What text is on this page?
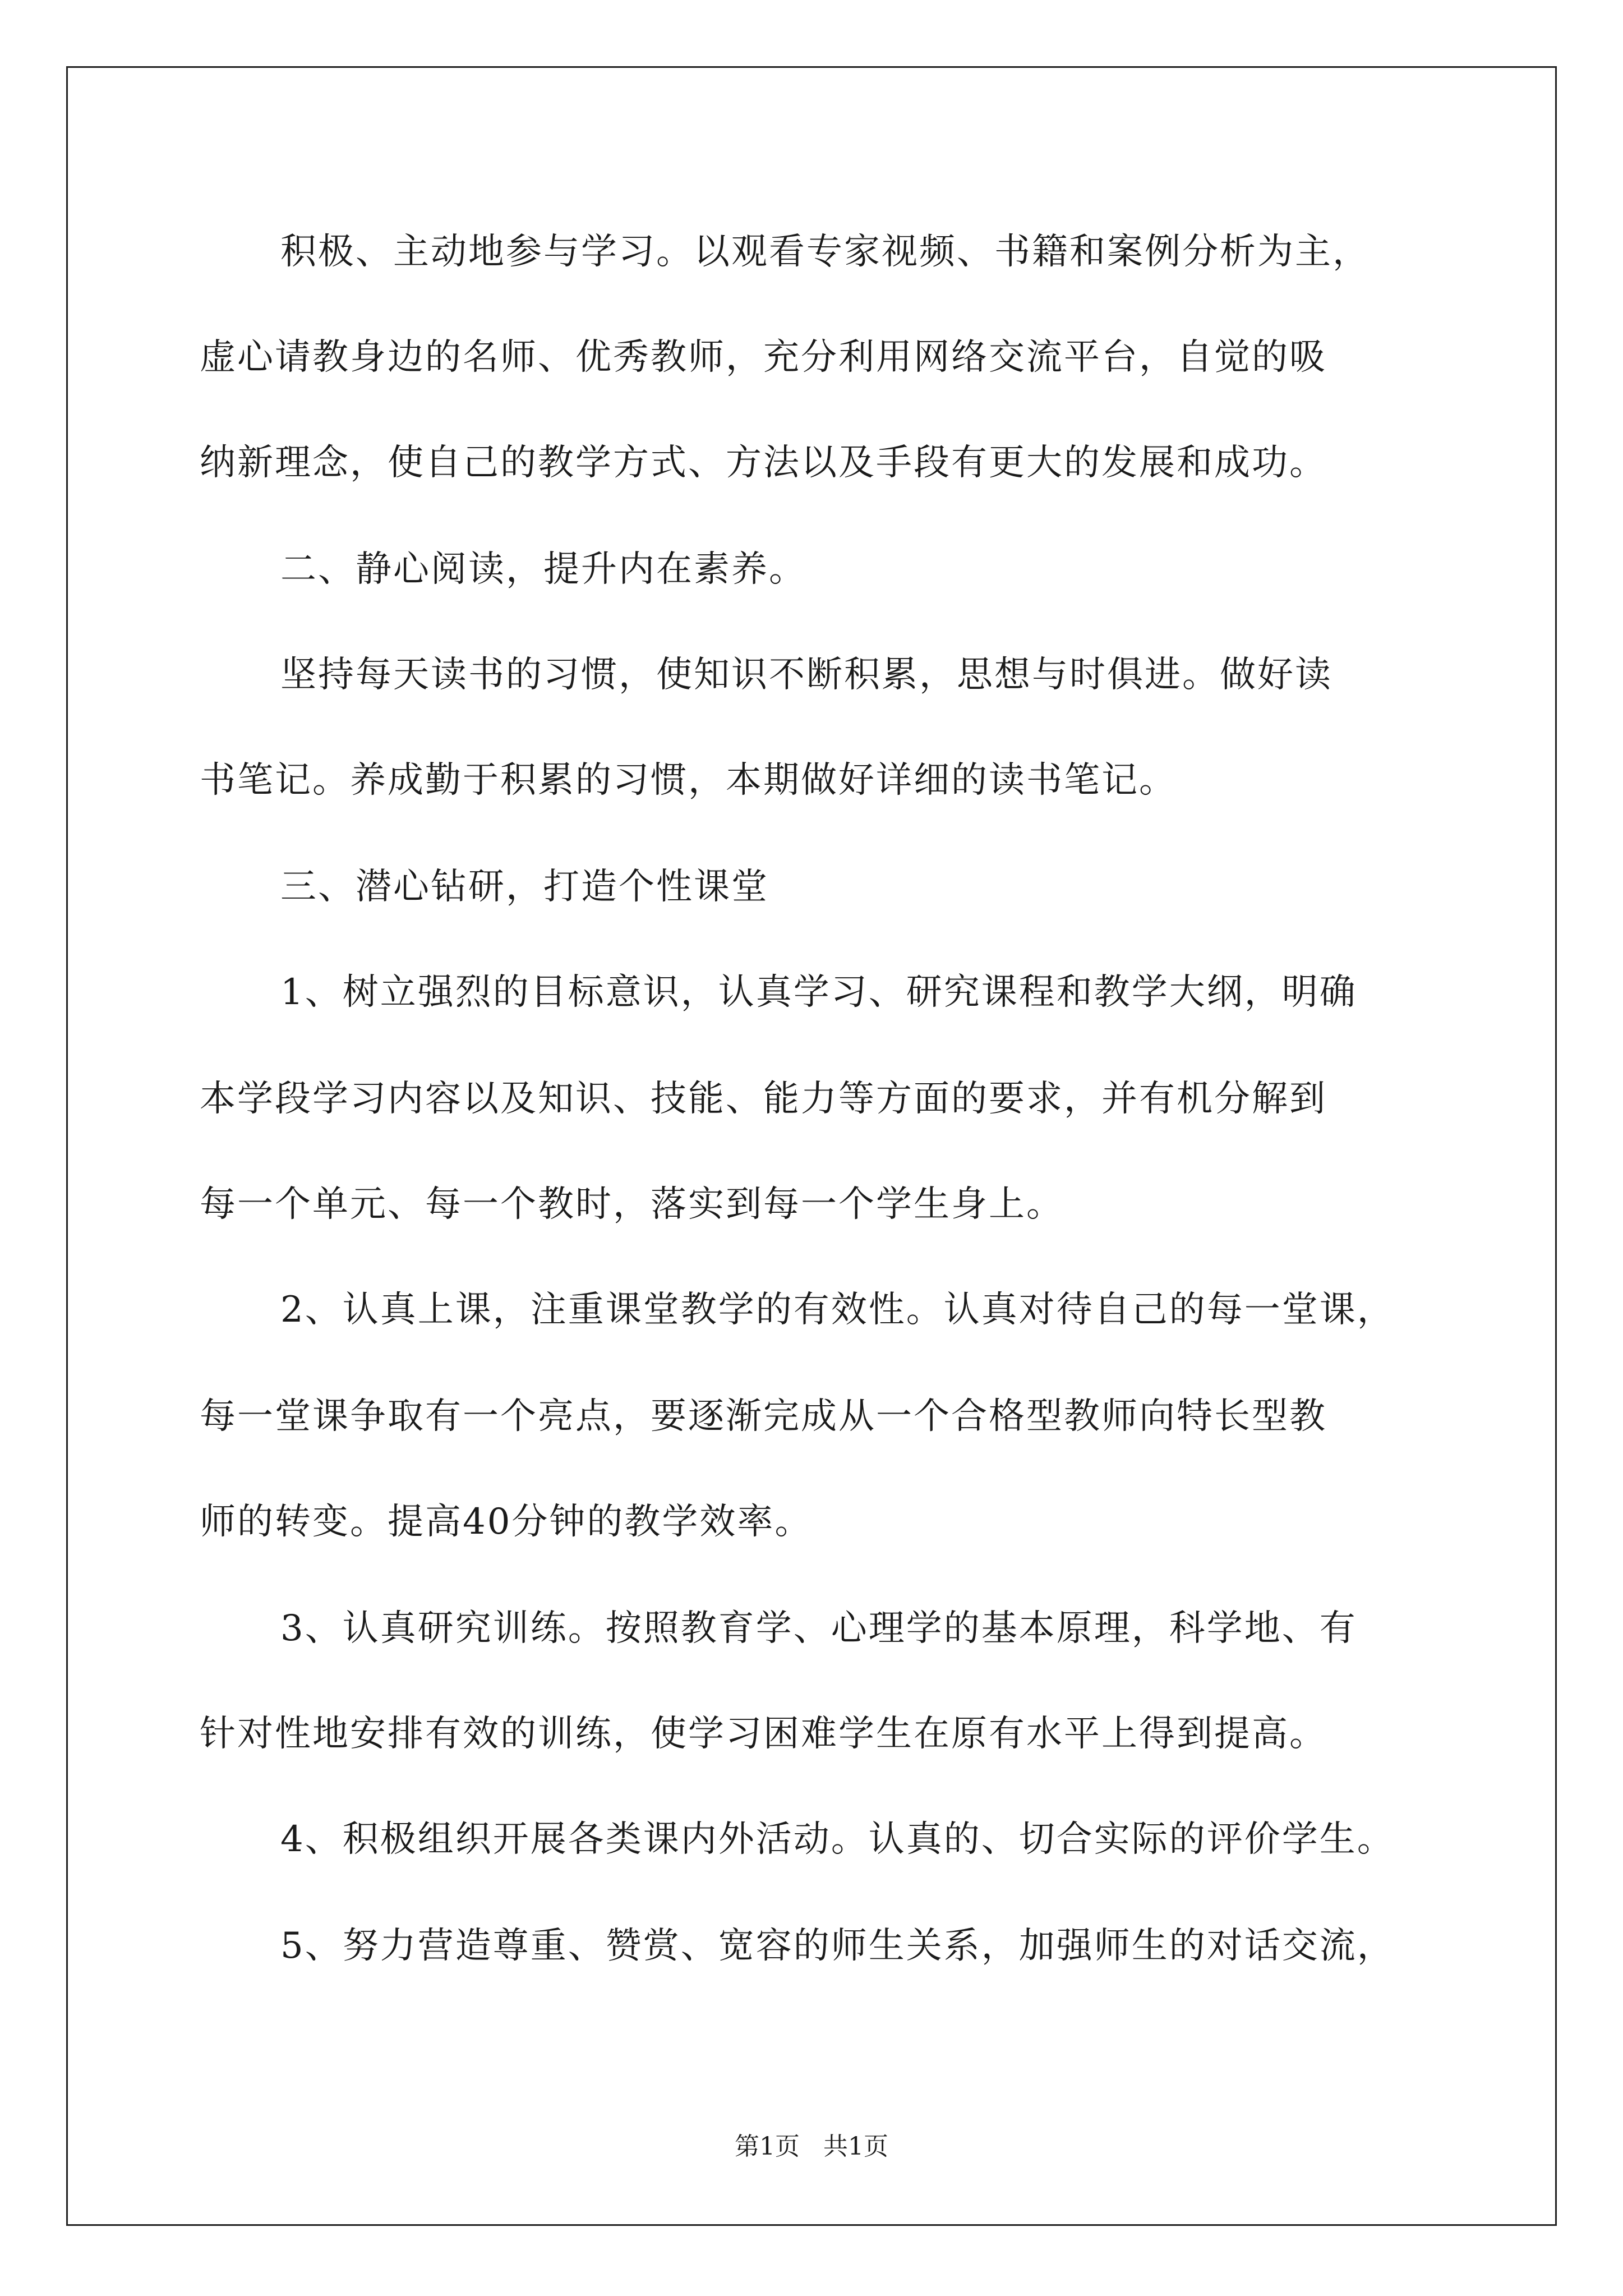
积极、主动地参与学习。以观看专家视频、书籍和案例分析为主，

虚心请教身边的名师、优秀教师，充分利用网络交流平台，自觉的吸

纳新理念，使自己的教学方式、方法以及手段有更大的发展和成功。

二、静心阅读，提升内在素养。

坚持每天读书的习惯，使知识不断积累，思想与时俱进。做好读

书笔记。养成勤于积累的习惯，本期做好详细的读书笔记。

三、潜心钻研，打造个性课堂

1、树立强烈的目标意识，认真学习、研究课程和教学大纲，明确

本学段学习内容以及知识、技能、能力等方面的要求，并有机分解到

每一个单元、每一个教时，落实到每一个学生身上。

2、认真上课，注重课堂教学的有效性。认真对待自己的每一堂课，

每一堂课争取有一个亮点，要逐渐完成从一个合格型教师向特长型教

师的转变。提高40分钟的教学效率。

3、认真研究训练。按照教育学、心理学的基本原理，科学地、有

针对性地安排有效的训练，使学习困难学生在原有水平上得到提高。

4、积极组织开展各类课内外活动。认真的、切合实际的评价学生。

5、努力营造尊重、赞赏、宽容的师生关系，加强师生的对话交流，

第1页   共1页
